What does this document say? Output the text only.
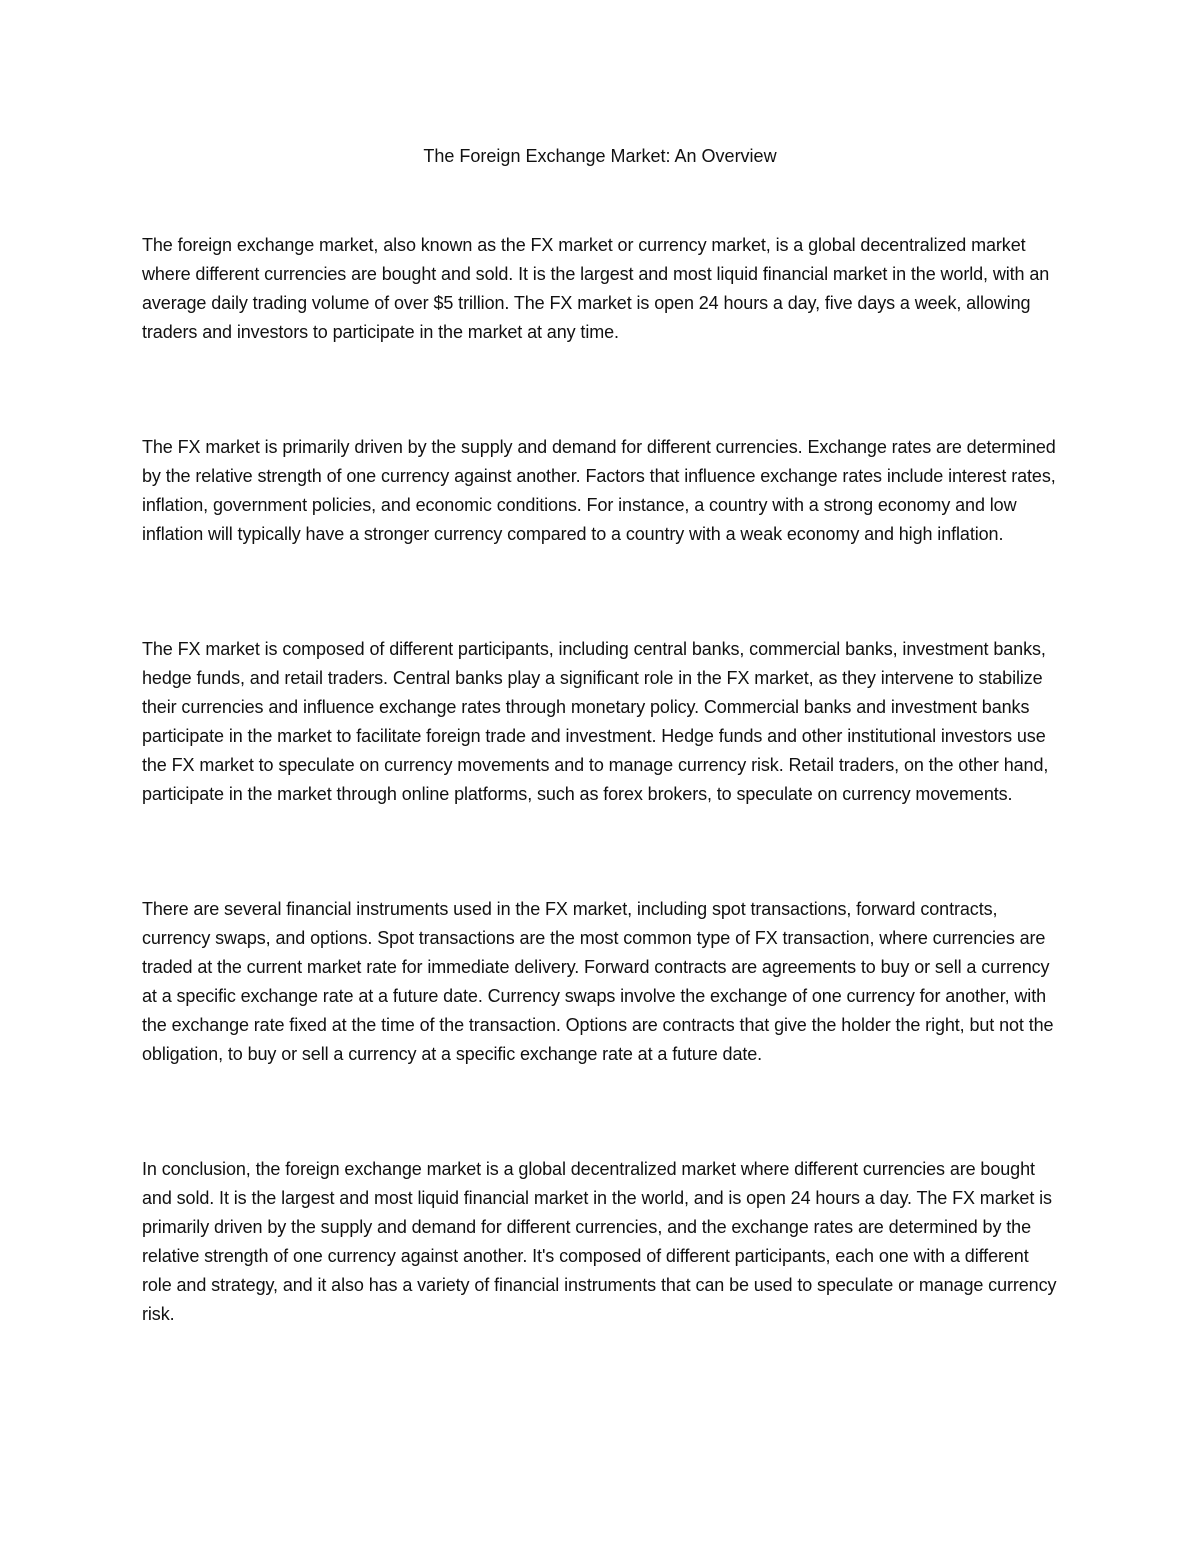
The Foreign Exchange Market: An Overview

The foreign exchange market, also known as the FX market or currency market, is a global decentralized market where different currencies are bought and sold. It is the largest and most liquid financial market in the world, with an average daily trading volume of over $5 trillion. The FX market is open 24 hours a day, five days a week, allowing traders and investors to participate in the market at any time.

The FX market is primarily driven by the supply and demand for different currencies. Exchange rates are determined by the relative strength of one currency against another. Factors that influence exchange rates include interest rates, inflation, government policies, and economic conditions. For instance, a country with a strong economy and low inflation will typically have a stronger currency compared to a country with a weak economy and high inflation.

The FX market is composed of different participants, including central banks, commercial banks, investment banks, hedge funds, and retail traders. Central banks play a significant role in the FX market, as they intervene to stabilize their currencies and influence exchange rates through monetary policy. Commercial banks and investment banks participate in the market to facilitate foreign trade and investment. Hedge funds and other institutional investors use the FX market to speculate on currency movements and to manage currency risk. Retail traders, on the other hand, participate in the market through online platforms, such as forex brokers, to speculate on currency movements.

There are several financial instruments used in the FX market, including spot transactions, forward contracts, currency swaps, and options. Spot transactions are the most common type of FX transaction, where currencies are traded at the current market rate for immediate delivery. Forward contracts are agreements to buy or sell a currency at a specific exchange rate at a future date. Currency swaps involve the exchange of one currency for another, with the exchange rate fixed at the time of the transaction. Options are contracts that give the holder the right, but not the obligation, to buy or sell a currency at a specific exchange rate at a future date.

In conclusion, the foreign exchange market is a global decentralized market where different currencies are bought and sold. It is the largest and most liquid financial market in the world, and is open 24 hours a day. The FX market is primarily driven by the supply and demand for different currencies, and the exchange rates are determined by the relative strength of one currency against another. It's composed of different participants, each one with a different role and strategy, and it also has a variety of financial instruments that can be used to speculate or manage currency risk.
